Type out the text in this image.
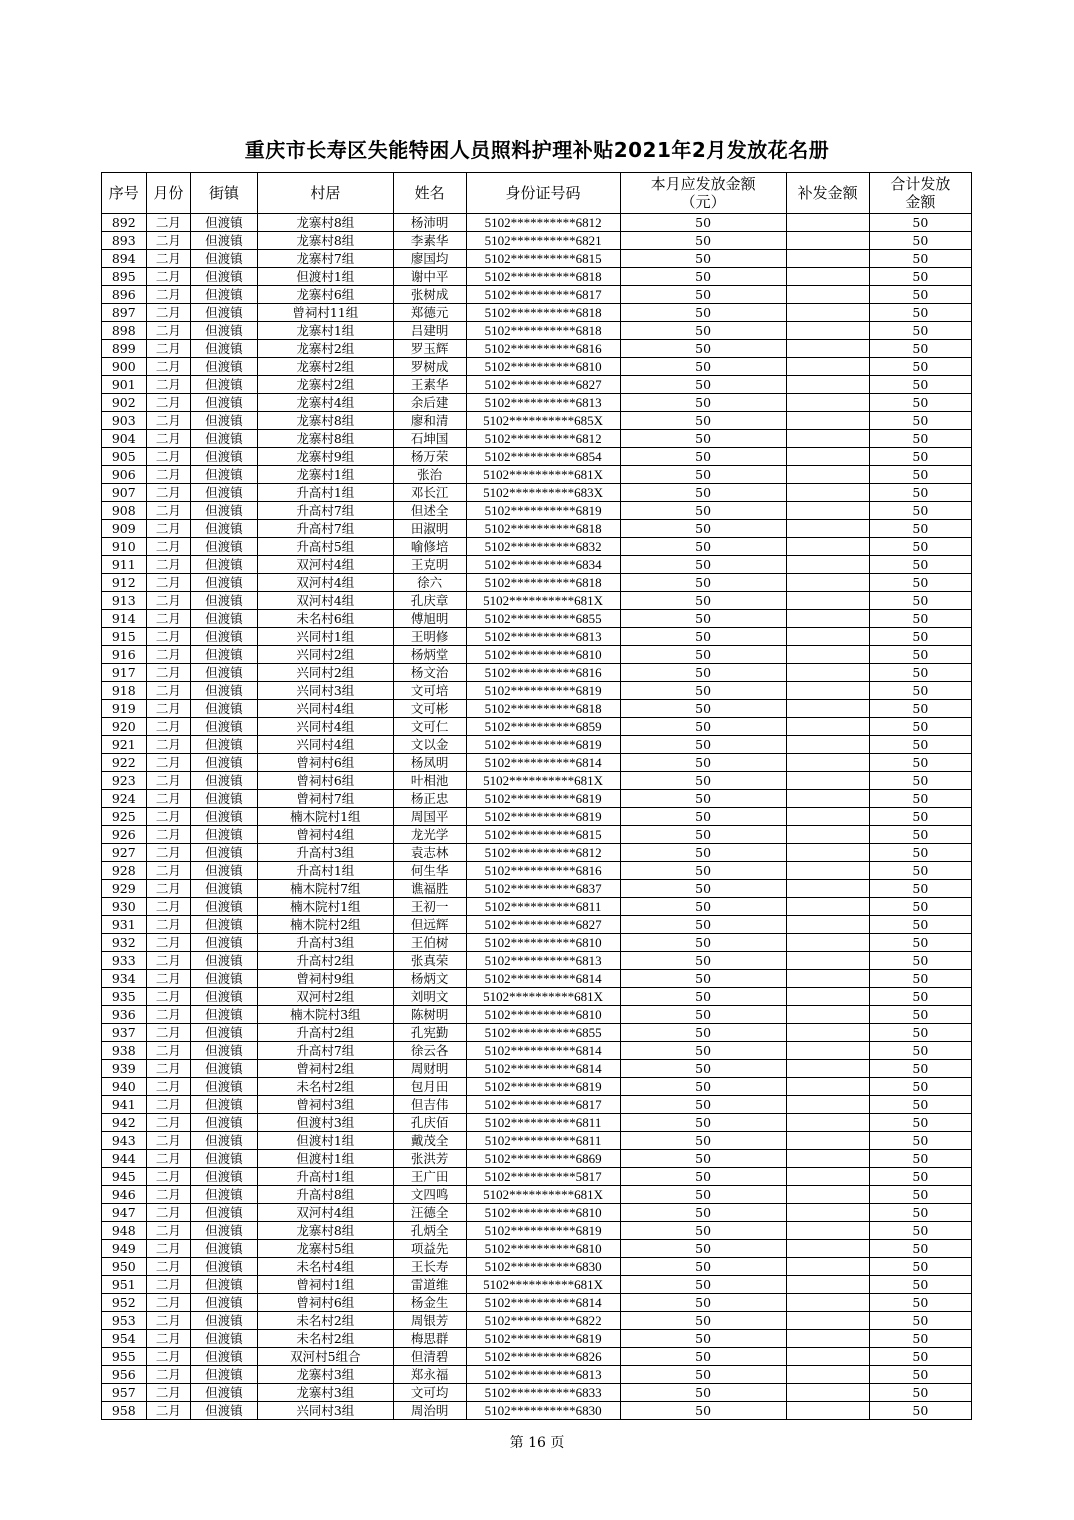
重庆市长寿区失能特困人员照料护理补贴2021年2月发放花名册
序号	月份	街镇	村居	姓名	身份证号码	本月应发放金额（元）	补发金额	合计发放金额
892	二月	但渡镇	龙寨村8组	杨沛明	5102**********6812	50		50
893	二月	但渡镇	龙寨村8组	李素华	5102**********6821	50		50
894	二月	但渡镇	龙寨村7组	廖国均	5102**********6815	50		50
895	二月	但渡镇	但渡村1组	谢中平	5102**********6818	50		50
896	二月	但渡镇	龙寨村6组	张树成	5102**********6817	50		50
897	二月	但渡镇	曾祠村11组	郑德元	5102**********6818	50		50
898	二月	但渡镇	龙寨村1组	吕建明	5102**********6818	50		50
899	二月	但渡镇	龙寨村2组	罗玉辉	5102**********6816	50		50
900	二月	但渡镇	龙寨村2组	罗树成	5102**********6810	50		50
901	二月	但渡镇	龙寨村2组	王素华	5102**********6827	50		50
902	二月	但渡镇	龙寨村4组	余后建	5102**********6813	50		50
903	二月	但渡镇	龙寨村8组	廖和清	5102**********685X	50		50
904	二月	但渡镇	龙寨村8组	石坤国	5102**********6812	50		50
905	二月	但渡镇	龙寨村9组	杨万荣	5102**********6854	50		50
906	二月	但渡镇	龙寨村1组	张治	5102**********681X	50		50
907	二月	但渡镇	升高村1组	邓长江	5102**********683X	50		50
908	二月	但渡镇	升高村7组	但述全	5102**********6819	50		50
909	二月	但渡镇	升高村7组	田淑明	5102**********6818	50		50
910	二月	但渡镇	升高村5组	喻修培	5102**********6832	50		50
911	二月	但渡镇	双河村4组	王克明	5102**********6834	50		50
912	二月	但渡镇	双河村4组	徐六	5102**********6818	50		50
913	二月	但渡镇	双河村4组	孔庆章	5102**********681X	50		50
914	二月	但渡镇	未名村6组	傅旭明	5102**********6855	50		50
915	二月	但渡镇	兴同村1组	王明修	5102**********6813	50		50
916	二月	但渡镇	兴同村2组	杨炳堂	5102**********6810	50		50
917	二月	但渡镇	兴同村2组	杨文治	5102**********6816	50		50
918	二月	但渡镇	兴同村3组	文可培	5102**********6819	50		50
919	二月	但渡镇	兴同村4组	文可彬	5102**********6818	50		50
920	二月	但渡镇	兴同村4组	文可仁	5102**********6859	50		50
921	二月	但渡镇	兴同村4组	文以金	5102**********6819	50		50
922	二月	但渡镇	曾祠村6组	杨凤明	5102**********6814	50		50
923	二月	但渡镇	曾祠村6组	叶相池	5102**********681X	50		50
924	二月	但渡镇	曾祠村7组	杨正忠	5102**********6819	50		50
925	二月	但渡镇	楠木院村1组	周国平	5102**********6819	50		50
926	二月	但渡镇	曾祠村4组	龙光学	5102**********6815	50		50
927	二月	但渡镇	升高村3组	袁志林	5102**********6812	50		50
928	二月	但渡镇	升高村1组	何生华	5102**********6816	50		50
929	二月	但渡镇	楠木院村7组	谯福胜	5102**********6837	50		50
930	二月	但渡镇	楠木院村1组	王初一	5102**********6811	50		50
931	二月	但渡镇	楠木院村2组	但远辉	5102**********6827	50		50
932	二月	但渡镇	升高村3组	王伯树	5102**********6810	50		50
933	二月	但渡镇	升高村2组	张真荣	5102**********6813	50		50
934	二月	但渡镇	曾祠村9组	杨炳文	5102**********6814	50		50
935	二月	但渡镇	双河村2组	刘明文	5102**********681X	50		50
936	二月	但渡镇	楠木院村3组	陈树明	5102**********6810	50		50
937	二月	但渡镇	升高村2组	孔宪勤	5102**********6855	50		50
938	二月	但渡镇	升高村7组	徐云各	5102**********6814	50		50
939	二月	但渡镇	曾祠村2组	周财明	5102**********6814	50		50
940	二月	但渡镇	未名村2组	包月田	5102**********6819	50		50
941	二月	但渡镇	曾祠村3组	但吉伟	5102**********6817	50		50
942	二月	但渡镇	但渡村3组	孔庆佰	5102**********6811	50		50
943	二月	但渡镇	但渡村1组	戴茂全	5102**********6811	50		50
944	二月	但渡镇	但渡村1组	张洪芳	5102**********6869	50		50
945	二月	但渡镇	升高村1组	王广田	5102**********5817	50		50
946	二月	但渡镇	升高村8组	文四鸣	5102**********681X	50		50
947	二月	但渡镇	双河村4组	汪德全	5102**********6810	50		50
948	二月	但渡镇	龙寨村8组	孔炳全	5102**********6819	50		50
949	二月	但渡镇	龙寨村5组	项益先	5102**********6810	50		50
950	二月	但渡镇	未名村4组	王长寿	5102**********6830	50		50
951	二月	但渡镇	曾祠村1组	雷道维	5102**********681X	50		50
952	二月	但渡镇	曾祠村6组	杨金生	5102**********6814	50		50
953	二月	但渡镇	未名村2组	周银芳	5102**********6822	50		50
954	二月	但渡镇	未名村2组	梅思群	5102**********6819	50		50
955	二月	但渡镇	双河村5组合	但清碧	5102**********6826	50		50
956	二月	但渡镇	龙寨村3组	郑永福	5102**********6813	50		50
957	二月	但渡镇	龙寨村3组	文可均	5102**********6833	50		50
958	二月	但渡镇	兴同村3组	周治明	5102**********6830	50		50
第 16 页
